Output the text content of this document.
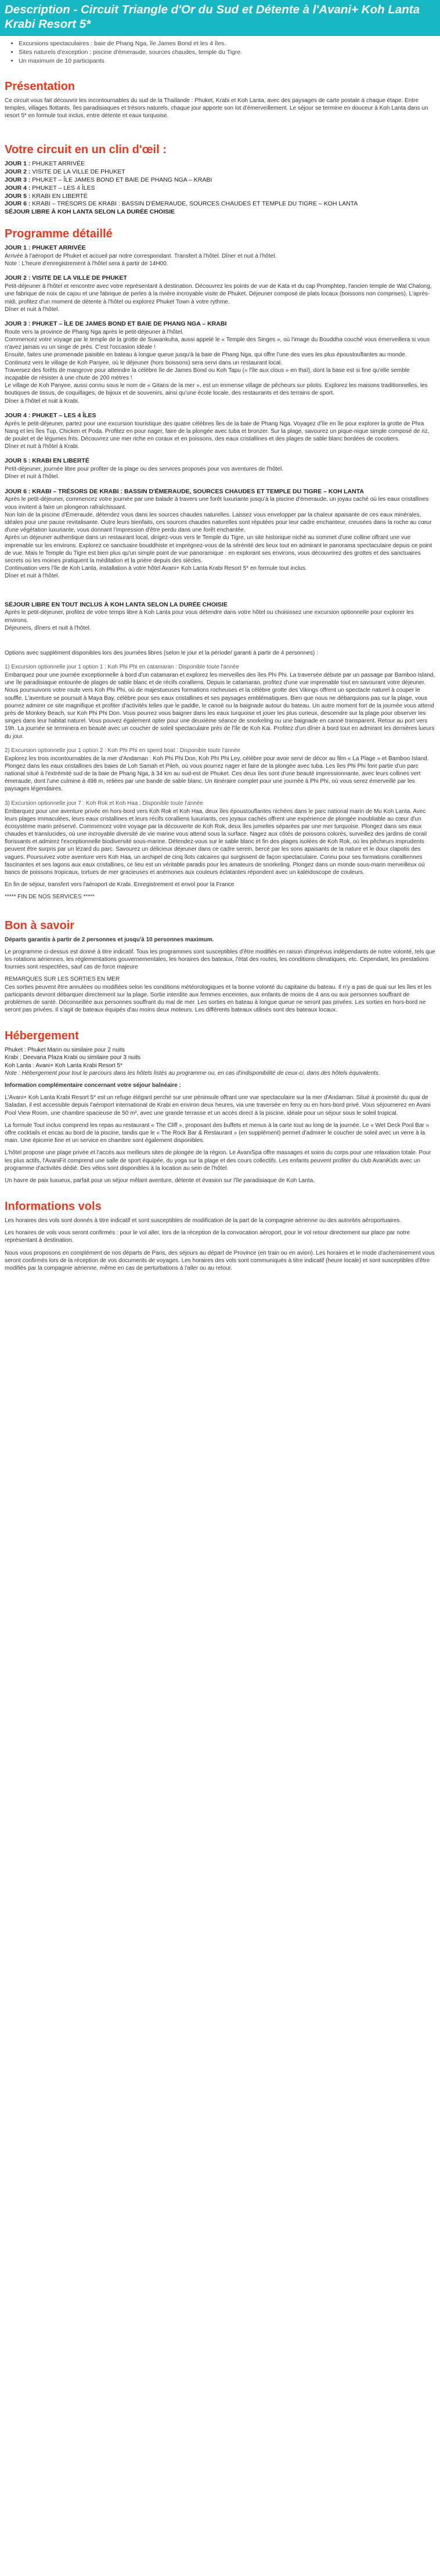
Description - Circuit Triangle d'Or du Sud et Détente à l'Avani+ Koh Lanta Krabi Resort 5*
• Excursions spectaculaires : baie de Phang Nga, île James Bond et les 4 îles.
• Sites naturels d'exception : piscine d'émeraude, sources chaudes, temple du Tigre.
• Un maximum de 10 participants
Présentation

Ce circuit vous fait découvrir les incontournables du sud de la Thaïlande : Phuket, Krabi et Koh Lanta, avec des paysages de carte postale à chaque étape. Entre temples, villages flottants, îles paradisiaques et trésors naturels, chaque jour apporte son lot d'émerveillement. Le séjour se termine en douceur à Koh Lanta dans un resort 5* en formule tout inclus, entre détente et eaux turquoise.

Votre circuit en un clin d'œil :
JOUR 1 : PHUKET ARRIVÉE
JOUR 2 : VISITE DE LA VILLE DE PHUKET
JOUR 3 : PHUKET – ÎLE JAMES BOND ET BAIE DE PHANG NGA – KRABI
JOUR 4 : PHUKET – LES 4 ÎLES
JOUR 5 : KRABI EN LIBERTÉ
JOUR 6 : KRABI – TRÉSORS DE KRABI : BASSIN D'ÉMERAUDE, SOURCES CHAUDES ET TEMPLE DU TIGRE – KOH LANTA
SÉJOUR LIBRE À KOH LANTA SELON LA DURÉE CHOISIE
Programme détaillé
JOUR 1 : PHUKET ARRIVÉE

Arrivée à l'aéroport de Phuket et accueil par notre correspondant. Transfert à l'hôtel. Dîner et nuit à l'hôtel.

Note : L'heure d'enregistrement à l'hôtel sera à partir de 14H00.

JOUR 2 : VISITE DE LA VILLE DE PHUKET

Petit-déjeuner à l'hôtel et rencontre avec votre représentant à destination. Découvrez les points de vue de Kata et du cap Promphtep, l'ancien temple de Wat Chalong, une fabrique de noix de cajou et une fabrique de perles à la rivière incroyable visite de Phuket. Déjeuner composé de plats locaux (boissons non comprises). L'après-midi, profitez d'un moment de détente à l'hôtel ou explorez Phuket Town à votre rythme.

Dîner et nuit à l'hôtel.

JOUR 3 : PHUKET – ÎLE DE JAMES BOND ET BAIE DE PHANG NGA – KRABI

Route vers la province de Phang Nga après le petit-déjeuner à l'hôtel.

Commencez votre voyage par le temple de la grotte de Suwankuha, aussi appelé le « Temple des Singes », où l'image du Bouddha couché vous émerveillera si vous n'avez jamais vu un singe de près. C'est l'occasion idéale !

Ensuite, faites une promenade paisible en bateau à longue queue jusqu'à la baie de Phang Nga, qui offre l'une des vues les plus époustouflantes au monde.

Continuez vers le village de Koh Panyee, où le déjeuner (hors boissons) sera servi dans un restaurant local.

Traversez des forêts de mangrove pour atteindre la célèbre île de James Bond ou Koh Tapu (« l'île aux clous » en thaï), dont la base est si fine qu'elle semble incapable de résister à une chute de 200 mètres !

Le village de Koh Panyee, aussi connu sous le nom de « Gitans de la mer », est un immense village de pêcheurs sur pilotis. Explorez les maisons traditionnelles, les boutiques de tissus, de coquillages, de bijoux et de souvenirs, ainsi qu'une école locale, des restaurants et des terrains de sport.

Dîner à l'hôtel et nuit à Krabi.

JOUR 4 : PHUKET – LES 4 ÎLES

Après le petit-déjeuner, partez pour une excursion touristique des quatre célèbres îles de la baie de Phang Nga. Voyagez d'île en île pour explorer la grotte de Phra Nang et les îles Tup, Chicken et Poda. Profitez en pour nager, faire de la plongée avec tuba et bronzer. Sur la plage, savourez un pique-nique simple composé de riz, de poulet et de légumes frits. Découvrez une mer riche en coraux et en poissons, des eaux cristallines et des plages de sable blanc bordées de cocotiers.

Dîner et nuit à l'hôtel à Krabi.

JOUR 5 : KRABI EN LIBERTÉ

Petit-déjeuner, journée libre pour profiter de la plage ou des services proposés pour vos aventures de l'hôtel.

Dîner et nuit à l'hôtel.

JOUR 6 : KRABI – TRÉSORS DE KRABI : BASSIN D'ÉMERAUDE, SOURCES CHAUDES ET TEMPLE DU TIGRE – KOH LANTA

Après le petit-déjeuner, commencez votre journée par une balade à travers une forêt luxuriante jusqu'à la piscine d'émeraude, un joyau caché où les eaux cristallines vous invitent à faire un plongeon rafraîchissant.

Non loin de la piscine d'Émeraude, détendez vous dans les sources chaudes naturelles. Laissez vous envelopper par la chaleur apaisante de ces eaux minérales, idéales pour une pause revitalisante. Outre leurs bienfaits, ces sources chaudes naturelles sont réputées pour leur cadre enchanteur, creusées dans la roche au cœur d'une végétation luxuriante, vous donnant l'impression d'être perdu dans une forêt enchantée.

Après un déjeuner authentique dans un restaurant local, dirigez-vous vers le Temple du Tigre, un site historique niché au sommet d'une colline offrant une vue imprenable sur les environs. Explorez ce sanctuaire bouddhiste et imprégnez-vous de la sérénité des lieux tout en admirant le panorama spectaculaire depuis ce point de vue. Mais le Temple du Tigre est bien plus qu'un simple point de vue panoramique : en explorant ses environs, vous découvrirez des grottes et des sanctuaires secrets où les moines pratiquent la méditation et la prière depuis des siècles.

Continuation vers l'île de Koh Lanta, installation à votre hôtel Avani+ Koh Lanta Krabi Resort 5* en formule tout inclus.

Dîner et nuit à l'hôtel.

SÉJOUR LIBRE EN TOUT INCLUS À KOH LANTA SELON LA DURÉE CHOISIE

Après le petit-déjeuner, profitez de votre temps libre à Koh Lanta pour vous détendre dans votre hôtel ou choisissez une excursion optionnelle pour explorer les environs.

Déjeuners, dîners et nuit à l'hôtel.

Options avec supplément disponibles lors des journées libres (selon le jour et la période/ garanti à partir de 4 personnes) :

1) Excursion optionnelle jour 1 option 1 : Koh Phi Phi en catamaran : Disponible toute l'année

Embarquez pour une journée exceptionnelle à bord d'un catamaran et explorez les merveilles des îles Phi Phi. La traversée débute par un passage par Bamboo Island, une île paradisiaque entourée de plages de sable blanc et de récifs coralliens. Depuis le catamaran, profitez d'une vue imprenable tout en savourant votre déjeuner. Nous poursuivons votre route vers Koh Phi Phi, où de majestueuses formations rocheuses et la célèbre grotte des Vikings offrent un spectacle naturel à couper le souffle. L'aventure se poursuit à Maya Bay, célèbre pour ses eaux cristallines et ses paysages emblématiques. Bien que nous ne débarquions pas sur la plage, vous pourrez admirer ce site magnifique et profiter d'activités telles que le paddle, le canoë ou la baignade autour du bateau. Un autre moment fort de la journée vous attend près de Monkey Beach, sur Koh Phi Phi Don. Vous pourrez vous baigner dans les eaux turquoise et jouer les plus curieux, descendre sur la plage pour observer les singes dans leur habitat naturel. Vous pouvez également opter pour une deuxième séance de snorkeling ou une baignade en canoë transparent. Retour au port vers 19h. La journée se terminera en beauté avec un coucher de soleil spectaculaire près de l'île de Koh Kai. Profitez d'un dîner à bord tout en admirant les dernières lueurs du jour.

2) Excursion optionnelle jour 1 option 2 : Koh Phi Phi en speed boat : Disponible toute l'année

Explorez les trois incontournables de la mer d'Andaman : Koh Phi Phi Don, Koh Phi Phi Ley, célèbre pour avoir servi de décor au film « La Plage » et Bamboo Island. Plongez dans les eaux cristallines des baies de Loh Samah et Pileh, où vous pourrez nager et faire de la plongée avec tuba. Les îles Phi Phi font partie d'un parc national situé à l'extrémité sud de la baie de Phang Nga, à 34 km au sud-est de Phuket. Ces deux îles sont d'une beauté impressionnante, avec leurs collines vert émeraude, dont l'une culmine à 498 m, reliées par une bande de sable blanc. Un itinéraire complet pour une journée à Phi Phi, où vous serez émerveillé par les paysages légendaires.

3) Excursion optionnelle jour 7 : Koh Rok et Koh Haa : Disponible toute l'année

Embarquez pour une aventure privée en hors-bord vers Koh Rok et Koh Haa, deux îles époustouflantes nichées dans le parc national marin de Mu Koh Lanta. Avec leurs plages immaculées, leurs eaux cristallines et leurs récifs coralliens luxuriants, ces joyaux cachés offrent une expérience de plongée inoubliable au cœur d'un écosystème marin préservé. Commencez votre voyage par la découverte de Koh Rok, deux îles jumelles séparées par une mer turquoise. Plongez dans ses eaux chaudes et translucides, où une incroyable diversité de vie marine vous attend sous la surface. Nagez aux côtés de poissons colorés, surveillez des jardins de corail florissants et admirez l'exceptionnelle biodiversité sous-marine. Détendez-vous sur le sable blanc et fin des plages isolées de Koh Rok, où les pêcheurs imprudents peuvent être surpris par un lézard du parc. Savourez un délicieux déjeuner dans ce cadre serein, bercé par les sons apaisants de la nature et le doux clapotis des vagues. Poursuivez votre aventure vers Koh Haa, un archipel de cinq îlots calcaires qui surgissent de façon spectaculaire. Connu pour ses formations coralliennes fascinantes et ses lagons aux eaux cristallines, ce lieu est un véritable paradis pour les amateurs de snorkeling. Plongez dans un monde sous-marin merveilleux où bancs de poissons tropicaux, tortues de mer gracieuses et anémones aux couleurs éclatantes répondent avec un kaléidoscope de couleurs.

En fin de séjour, transfert vers l'aéroport de Krabi. Enregistrement et envol pour la France

***** FIN DE NOS SERVICES *****

Bon à savoir

Départs garantis à partir de 2 personnes et jusqu'à 10 personnes maximum.

Le programme ci-dessus est donné à titre indicatif. Tous les programmes sont susceptibles d'être modifiés en raison d'imprévus indépendants de notre volonté, tels que les rotations aériennes, les réglementations gouvernementales, les horaires des bateaux, l'état des routes, les conditions climatiques, etc. Cependant, les prestations fournies sont respectées, sauf cas de force majeure

REMARQUES SUR LES SORTIES EN MER

Ces sorties peuvent être annulées ou modifiées selon les conditions météorologiques et la bonne volonté du capitaine du bateau. Il n'y a pas de quai sur les îles et les participants devront débarquer directement sur la plage. Sortie interdite aux femmes enceintes, aux enfants de moins de 4 ans ou aux personnes souffrant de problèmes de santé. Déconseillée aux personnes souffrant du mal de mer. Les sorties en bateau à longue queue ne seront pas privées. Les sorties en hors-bord ne seront pas privées. Il s'agit de bateaux équipés d'au moins deux moteurs. Les différents bateaux utilisés sont des bateaux locaux.

Hébergement
Phuket : Phuket Marin ou similaire pour 2 nuits
Krabi : Deevana Plaza Krabi ou similaire pour 3 nuits
Koh Lanta : Avani+ Koh Lanta Krabi Resort 5*

Note : Hébergement pour tout le parcours dans les hôtels listés au programme ou, en cas d'indisponibilité de ceux-ci, dans des hôtels équivalents.

Information complémentaire concernant votre séjour balnéaire :

L'Avani+ Koh Lanta Krabi Resort 5* est un refuge élégant perché sur une péninsule offrant une vue spectaculaire sur la mer d'Andaman. Situé à proximité du quai de Saladan, il est accessible depuis l'aéroport international de Krabi en environ deux heures, via une traversée en ferry ou en hors-bord privé. Vous séjournerez en Avani Pool View Room, une chambre spacieuse de 50 m², avec une grande terrasse et un accès direct à la piscine, idéale pour un séjour sous le soleil tropical.

La formule Tout inclus comprend les repas au restaurant « The Cliff », proposant des buffets et menus à la carte tout au long de la journée. Le « Wet Deck Pool Bar » offre cocktails et encas au bord de la piscine, tandis que le « The Rock Bar & Restaurant » (en supplément) permet d'admirer le coucher de soleil avec un verre à la main. Une épicerie fine et un service en chambre sont également disponibles.

L'hôtel propose une plage privée et l'accès aux meilleurs sites de plongée de la région. Le AvaniSpa offre massages et soins du corps pour une relaxation totale. Pour les plus actifs, l'AvaniFit comprend une salle de sport équipée, du yoga sur la plage et des cours collectifs. Les enfants peuvent profiter du club AvaniKids avec un programme d'activités dédié. Des vélos sont disponibles à la location au sein de l'hôtel.

Un havre de paix luxueux, parfait pour un séjour mêlant aventure, détente et évasion sur l'île paradisiaque de Koh Lanta.

Informations vols

Les horaires des vols sont donnés à titre indicatif et sont susceptibles de modification de la part de la compagnie aérienne ou des autorités aéroportuaires.

Les horaires de vols vous seront confirmés : pour le vol aller, lors de la réception de la convocation aéroport, pour le vol retour directement sur place par notre représentant à destination.

Nous vous proposons en complément de nos départs de Paris, des séjours au départ de Province (en train ou en avion). Les horaires et le mode d'acheminement vous seront confirmés lors de la réception de vos documents de voyages. Les horaires des vols sont communiqués à titre indicatif (heure locale) et sont susceptibles d'être modifiés par la compagnie aérienne, même en cas de perturbations à l'aller ou au retour.
